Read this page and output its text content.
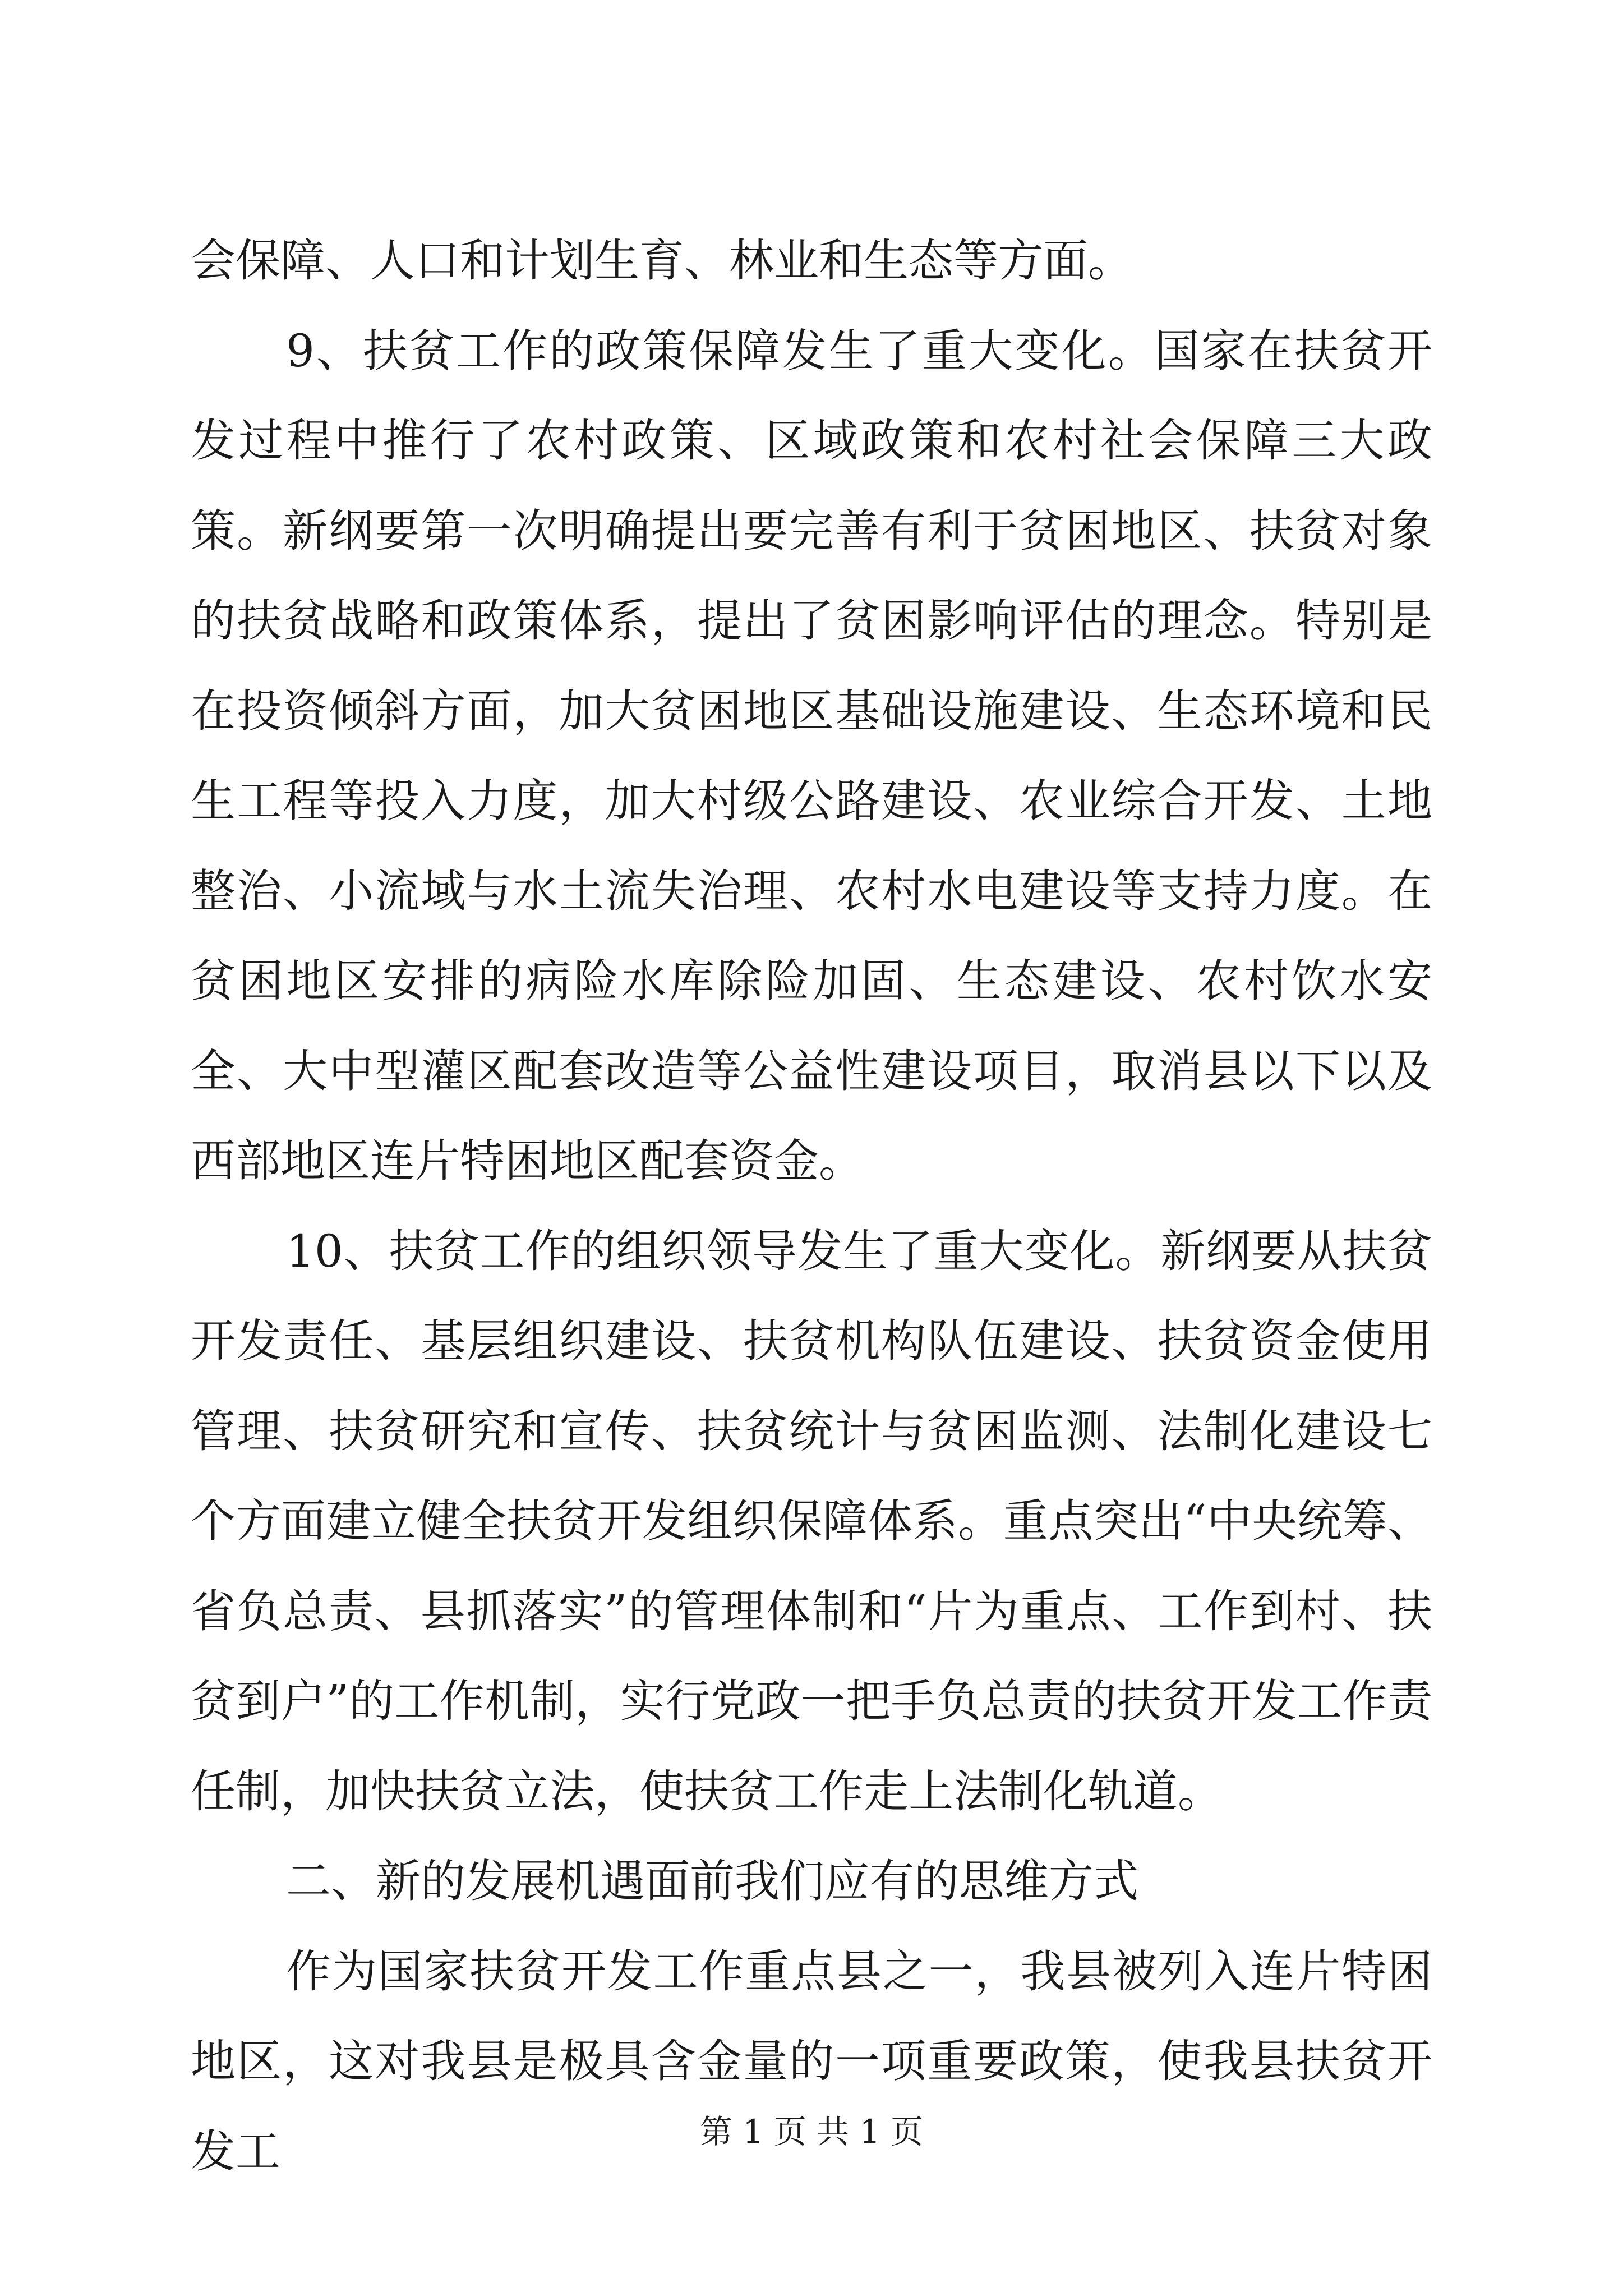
会保障、人口和计划生育、林业和生态等方面。

9、扶贫工作的政策保障发生了重大变化。国家在扶贫开发过程中推行了农村政策、区域政策和农村社会保障三大政策。新纲要第一次明确提出要完善有利于贫困地区、扶贫对象的扶贫战略和政策体系，提出了贫困影响评估的理念。特别是在投资倾斜方面，加大贫困地区基础设施建设、生态环境和民生工程等投入力度，加大村级公路建设、农业综合开发、土地整治、小流域与水土流失治理、农村水电建设等支持力度。在贫困地区安排的病险水库除险加固、生态建设、农村饮水安全、大中型灌区配套改造等公益性建设项目，取消县以下以及西部地区连片特困地区配套资金。

10、扶贫工作的组织领导发生了重大变化。新纲要从扶贫开发责任、基层组织建设、扶贫机构队伍建设、扶贫资金使用管理、扶贫研究和宣传、扶贫统计与贫困监测、法制化建设七个方面建立健全扶贫开发组织保障体系。重点突出“中央统筹、省负总责、县抓落实”的管理体制和“片为重点、工作到村、扶贫到户”的工作机制，实行党政一把手负总责的扶贫开发工作责任制，加快扶贫立法，使扶贫工作走上法制化轨道。

二、新的发展机遇面前我们应有的思维方式

作为国家扶贫开发工作重点县之一，我县被列入连片特困地区，这对我县是极具含金量的一项重要政策，使我县扶贫开发工	第 1 页 共 1 页
